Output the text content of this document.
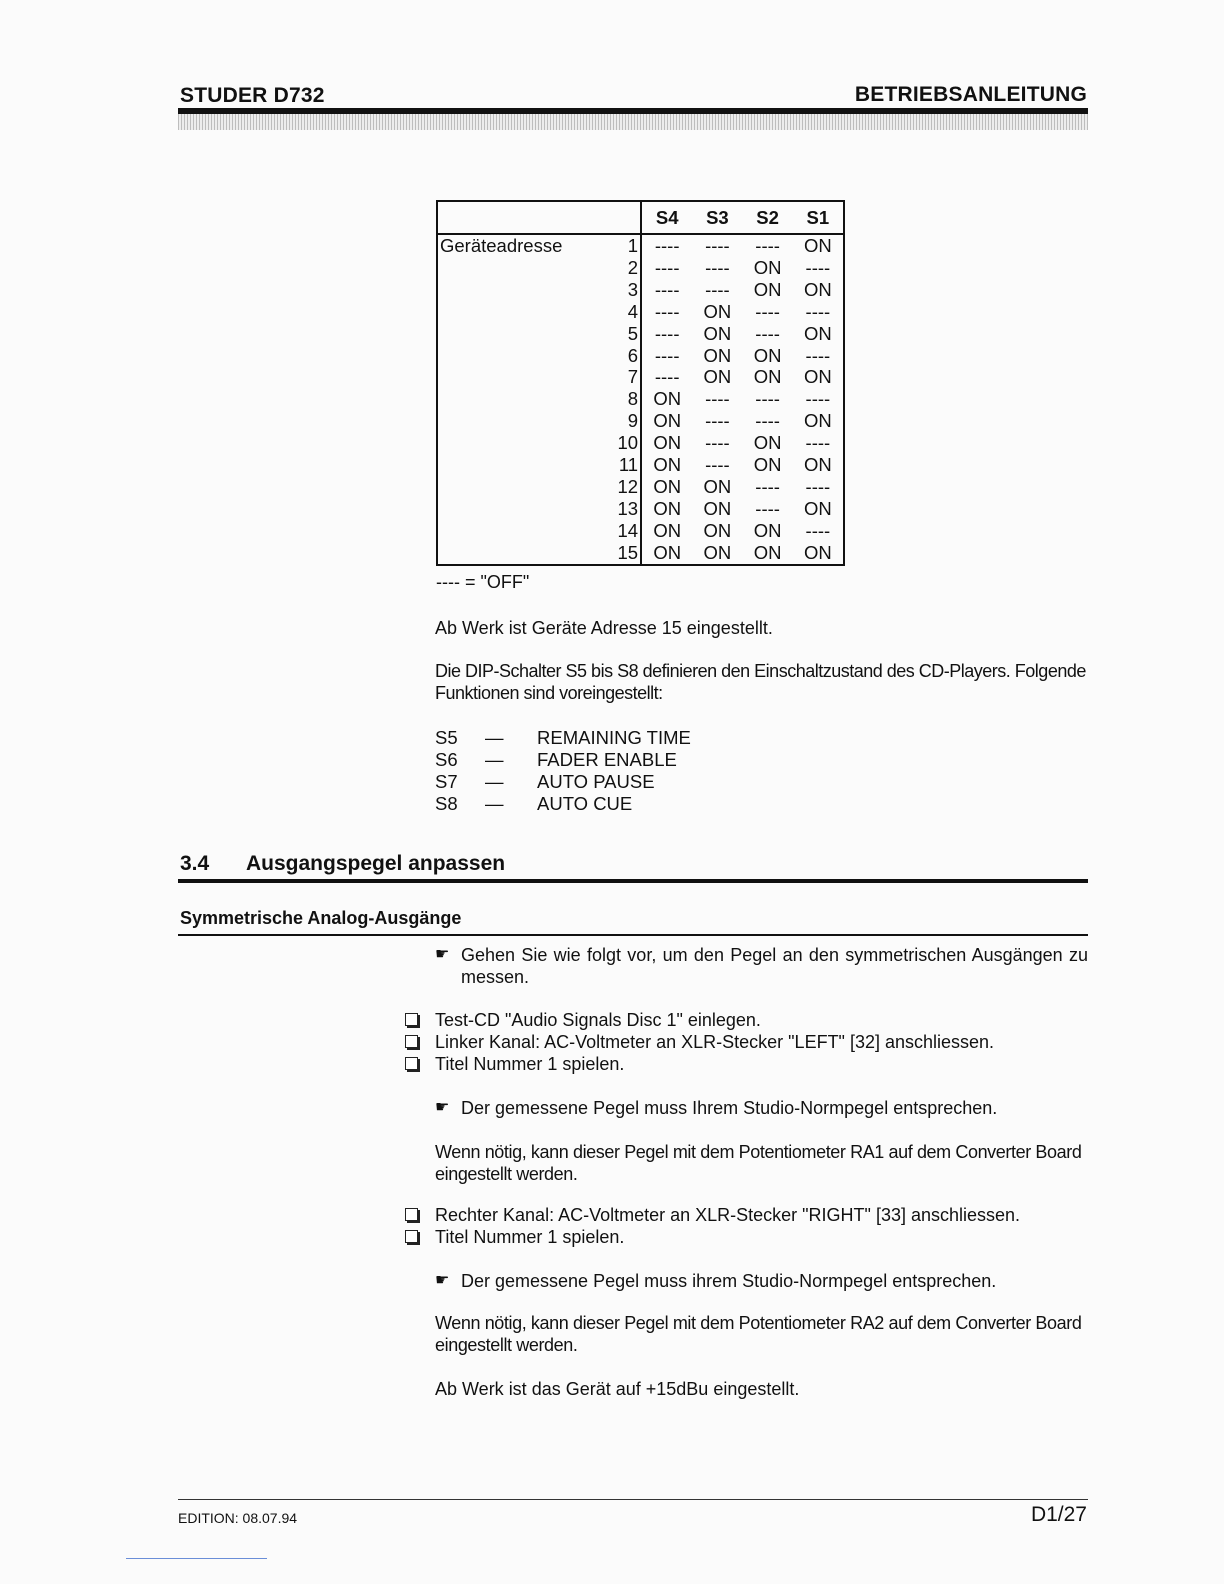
STUDER D732	BETRIEBSANLEITUNG
		S4	S3	S2	S1
Geräteadresse	1	----	----	----	ON
	2	----	----	ON	----
	3	----	----	ON	ON
	4	----	ON	----	----
	5	----	ON	----	ON
	6	----	ON	ON	----
	7	----	ON	ON	ON
	8	ON	----	----	----
	9	ON	----	----	ON
	10	ON	----	ON	----
	11	ON	----	ON	ON
	12	ON	ON	----	----
	13	ON	ON	----	ON
	14	ON	ON	ON	----
	15	ON	ON	ON	ON
---- = "OFF"
Ab Werk ist Geräte Adresse 15 eingestellt.
Die DIP-Schalter S5 bis S8 definieren den Einschaltzustand des CD-Players. Folgende Funktionen sind voreingestellt:
S5 — REMAINING TIME
S6 — FADER ENABLE
S7 — AUTO PAUSE
S8 — AUTO CUE
3.4 Ausgangspegel anpassen
Symmetrische Analog-Ausgänge
☛ Gehen Sie wie folgt vor, um den Pegel an den symmetrischen Ausgängen zu messen.
Test-CD "Audio Signals Disc 1" einlegen.
Linker Kanal: AC-Voltmeter an XLR-Stecker "LEFT" [32] anschliessen.
Titel Nummer 1 spielen.
☛ Der gemessene Pegel muss Ihrem Studio-Normpegel entsprechen.
Wenn nötig, kann dieser Pegel mit dem Potentiometer RA1 auf dem Converter Board eingestellt werden.
Rechter Kanal: AC-Voltmeter an XLR-Stecker "RIGHT" [33] anschliessen.
Titel Nummer 1 spielen.
☛ Der gemessene Pegel muss ihrem Studio-Normpegel entsprechen.
Wenn nötig, kann dieser Pegel mit dem Potentiometer RA2 auf dem Converter Board eingestellt werden.
Ab Werk ist das Gerät auf +15dBu eingestellt.
EDITION: 08.07.94	D1/27
